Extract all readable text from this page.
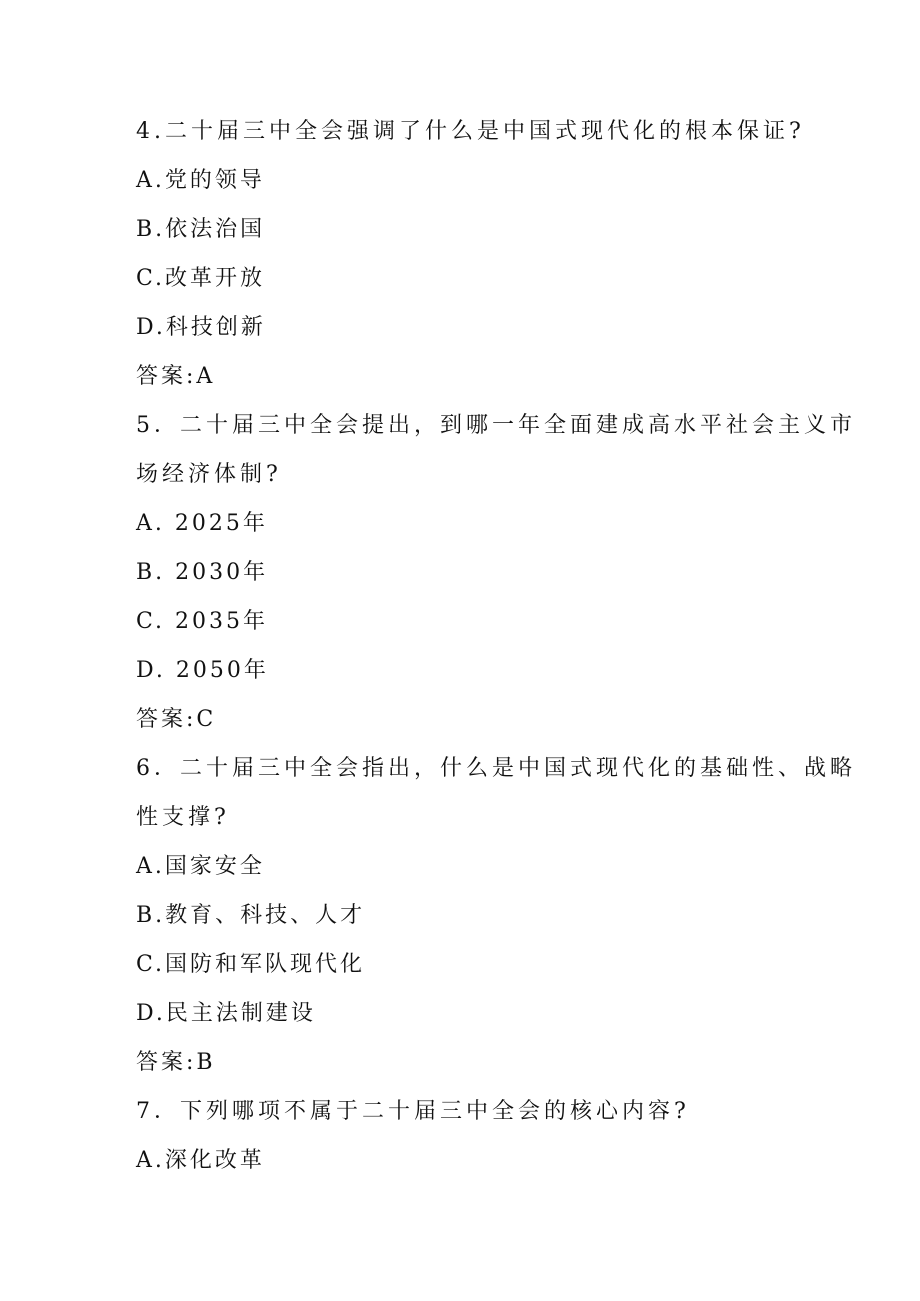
4.二十届三中全会强调了什么是中国式现代化的根本保证?
A.党的领导
B.依法治国
C.改革开放
D.科技创新
答案:A
5．二十届三中全会提出，到哪一年全面建成高水平社会主义市
场经济体制?
A. 2025年
B. 2030年
C. 2035年
D. 2050年
答案:C
6．二十届三中全会指出，什么是中国式现代化的基础性、战略
性支撑?
A.国家安全
B.教育、科技、人才
C.国防和军队现代化
D.民主法制建设
答案:B
7．下列哪项不属于二十届三中全会的核心内容?
A.深化改革
